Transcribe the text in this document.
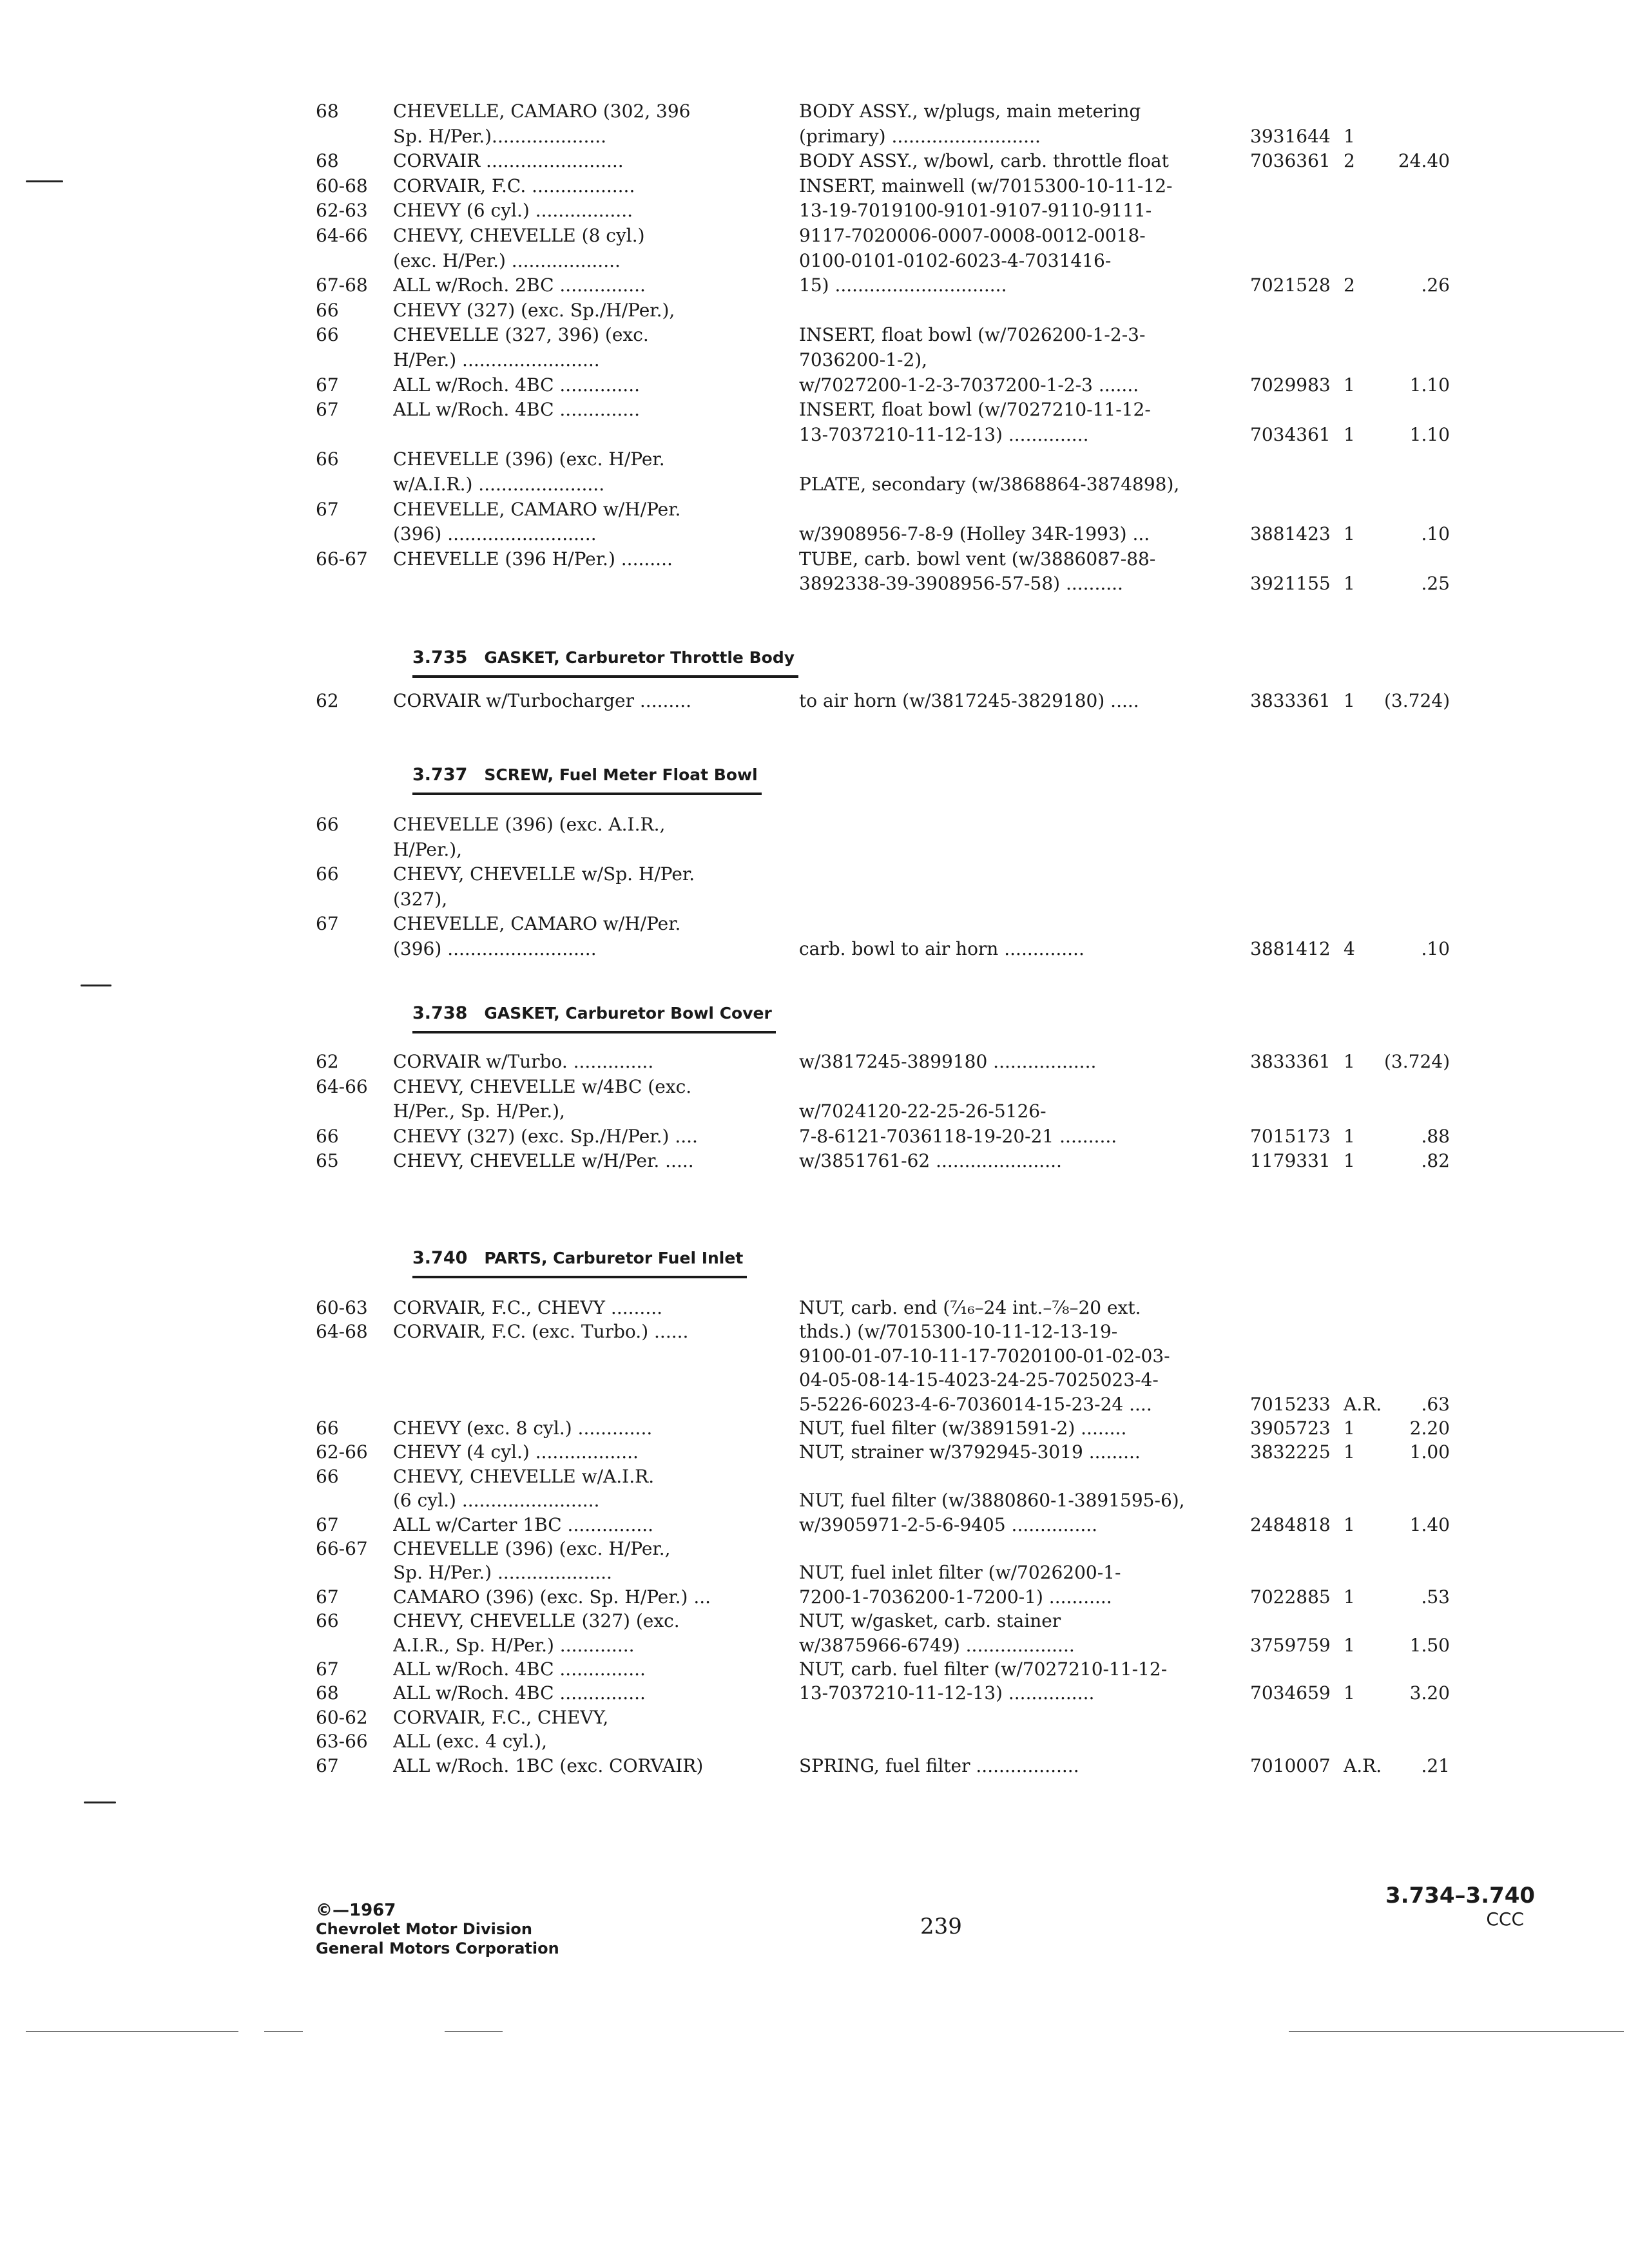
68	CHEVELLE, CAMARO (302, 396	BODY ASSY., w/plugs, main metering
Sp. H/Per.)....................	(primary) ..........................	3931644 1
68	CORVAIR ........................	BODY ASSY., w/bowl, carb. throttle float	7036361 2	24.40
60-68	CORVAIR, F.C. ..................	INSERT, mainwell (w/7015300-10-11-12-
62-63	CHEVY (6 cyl.) .................	13-19-7019100-9101-9107-9110-9111-
64-66	CHEVY, CHEVELLE (8 cyl.)	9117-7020006-0007-0008-0012-0018-
(exc. H/Per.) ...................	0100-0101-0102-6023-4-7031416-
67-68	ALL w/Roch. 2BC ...............	15) ..............................	7021528 2	.26
66	CHEVY (327) (exc. Sp./H/Per.),
66	CHEVELLE (327, 396) (exc.	INSERT, float bowl (w/7026200-1-2-3-
H/Per.) ........................	7036200-1-2),
67	ALL w/Roch. 4BC ..............	w/7027200-1-2-3-7037200-1-2-3 .......	7029983 1	1.10
67	ALL w/Roch. 4BC ..............	INSERT, float bowl (w/7027210-11-12-
13-7037210-11-12-13) ..............	7034361 1	1.10
66	CHEVELLE (396) (exc. H/Per.
w/A.I.R.) ......................	PLATE, secondary (w/3868864-3874898),
67	CHEVELLE, CAMARO w/H/Per.
(396) ..........................	w/3908956-7-8-9 (Holley 34R-1993) ...	3881423 1	.10
66-67	CHEVELLE (396 H/Per.) .........	TUBE, carb. bowl vent (w/3886087-88-
3892338-39-3908956-57-58) ..........	3921155 1	.25
3.735 GASKET, Carburetor Throttle Body
62	CORVAIR w/Turbocharger .........	to air horn (w/3817245-3829180) .....	3833361 1	(3.724)
3.737 SCREW, Fuel Meter Float Bowl
66	CHEVELLE (396) (exc. A.I.R.,
H/Per.),
66	CHEVY, CHEVELLE w/Sp. H/Per.
(327),
67	CHEVELLE, CAMARO w/H/Per.
(396) ..........................	carb. bowl to air horn ..............	3881412 4	.10
3.738 GASKET, Carburetor Bowl Cover
62	CORVAIR w/Turbo. ..............	w/3817245-3899180 ..................	3833361 1	(3.724)
64-66	CHEVY, CHEVELLE w/4BC (exc.
H/Per., Sp. H/Per.),	w/7024120-22-25-26-5126-
66	CHEVY (327) (exc. Sp./H/Per.) ....	7-8-6121-7036118-19-20-21 ..........	7015173 1	.88
65	CHEVY, CHEVELLE w/H/Per. .....	w/3851761-62 ......................	1179331 1	.82
3.740 PARTS, Carburetor Fuel Inlet
60-63	CORVAIR, F.C., CHEVY .........	NUT, carb. end (⁷⁄₁₆–24 int.–⁷⁄₈–20 ext.
64-68	CORVAIR, F.C. (exc. Turbo.) ......	thds.) (w/7015300-10-11-12-13-19-
9100-01-07-10-11-17-7020100-01-02-03-
04-05-08-14-15-4023-24-25-7025023-4-
5-5226-6023-4-6-7036014-15-23-24 ....	7015233 A.R.	.63
66	CHEVY (exc. 8 cyl.) .............	NUT, fuel filter (w/3891591-2) ........	3905723 1	2.20
62-66	CHEVY (4 cyl.) ..................	NUT, strainer w/3792945-3019 .........	3832225 1	1.00
66	CHEVY, CHEVELLE w/A.I.R.
(6 cyl.) ........................	NUT, fuel filter (w/3880860-1-3891595-6),
67	ALL w/Carter 1BC ...............	w/3905971-2-5-6-9405 ...............	2484818 1	1.40
66-67	CHEVELLE (396) (exc. H/Per.,
Sp. H/Per.) ....................	NUT, fuel inlet filter (w/7026200-1-
67	CAMARO (396) (exc. Sp. H/Per.) ...	7200-1-7036200-1-7200-1) ...........	7022885 1	.53
66	CHEVY, CHEVELLE (327) (exc.	NUT, w/gasket, carb. stainer
A.I.R., Sp. H/Per.) .............	w/3875966-6749) ...................	3759759 1	1.50
67	ALL w/Roch. 4BC ...............	NUT, carb. fuel filter (w/7027210-11-12-
68	ALL w/Roch. 4BC ...............	13-7037210-11-12-13) ...............	7034659 1	3.20
60-62	CORVAIR, F.C., CHEVY,
63-66	ALL (exc. 4 cyl.),
67	ALL w/Roch. 1BC (exc. CORVAIR)	SPRING, fuel filter ..................	7010007 A.R.	.21
©—1967
Chevrolet Motor Division
General Motors Corporation
239
3.734–3.740
CCC
